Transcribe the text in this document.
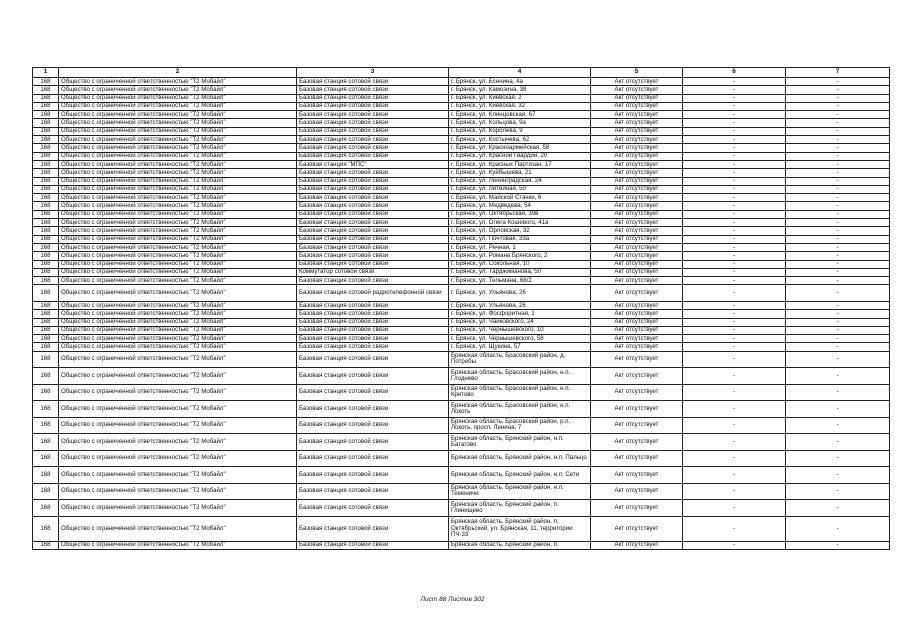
1	2	3	4	5	6	7
168	Общество с ограниченной ответственностью "Т2 Мобайл"	Базовая станция сотовой связи	г. Брянск, ул. Есенина, 4а	Акт отсутствует	-	-
168	Общество с ограниченной ответственностью "Т2 Мобайл"	Базовая станция сотовой связи	г. Брянск, ул. Камозина, 38	Акт отсутствует	-	-
168	Общество с ограниченной ответственностью "Т2 Мобайл"	Базовая станция сотовой связи	г. Брянск, ул. Киевская, 2	Акт отсутствует	-	-
168	Общество с ограниченной ответственностью "Т2 Мобайл"	Базовая станция сотовой связи	г. Брянск, ул. Киевская, 32	Акт отсутствует	-	-
168	Общество с ограниченной ответственностью "Т2 Мобайл"	Базовая станция сотовой связи	г. Брянск, ул. Клинцовская, 67	Акт отсутствует	-	-
168	Общество с ограниченной ответственностью "Т2 Мобайл"	Базовая станция сотовой связи	г. Брянск, ул. Кольцова, 9а	Акт отсутствует	-	-
168	Общество с ограниченной ответственностью "Т2 Мобайл"	Базовая станция сотовой связи	г. Брянск, ул. Королева, 9	Акт отсутствует	-	-
168	Общество с ограниченной ответственностью "Т2 Мобайл"	Базовая станция сотовой связи	г. Брянск, ул. Костычева, 62	Акт отсутствует	-	-
168	Общество с ограниченной ответственностью "Т2 Мобайл"	Базовая станция сотовой связи	г. Брянск, ул. Красноармейская, 58	Акт отсутствует	-	-
168	Общество с ограниченной ответственностью "Т2 Мобайл"	Базовая станция сотовой связи	г. Брянск, ул. Красной Гвардии, 20	Акт отсутствует	-	-
168	Общество с ограниченной ответственностью "Т2 Мобайл"	Базовая станция "МПС"	г. Брянск, ул. Красных Партизан, 17	Акт отсутствует	-	-
168	Общество с ограниченной ответственностью "Т2 Мобайл"	Базовая станция сотовой связи	г. Брянск, ул. Куйбышева, 21	Акт отсутствует	-	-
168	Общество с ограниченной ответственностью "Т2 Мобайл"	Базовая станция сотовой связи	г. Брянск, ул. Ленинградская, 24	Акт отсутствует	-	-
168	Общество с ограниченной ответственностью "Т2 Мобайл"	Базовая станция сотовой связи	г. Брянск, ул. Литейная, 50	Акт отсутствует	-	-
168	Общество с ограниченной ответственностью "Т2 Мобайл"	Базовая станция сотовой связи	г. Брянск, ул. Майской Стачки, 6	Акт отсутствует	-	-
168	Общество с ограниченной ответственностью "Т2 Мобайл"	Базовая станция сотовой связи	г. Брянск, ул. Медведева, 54	Акт отсутствует	-	-
168	Общество с ограниченной ответственностью "Т2 Мобайл"	Базовая станция сотовой связи	г. Брянск, ул. Октябрьская, 39в	Акт отсутствует	-	-
168	Общество с ограниченной ответственностью "Т2 Мобайл"	Базовая станция сотовой связи	г. Брянск, ул. Олега Кошевого, 41а	Акт отсутствует	-	-
168	Общество с ограниченной ответственностью "Т2 Мобайл"	Базовая станция сотовой связи	г. Брянск, ул. Орловская, 32	Акт отсутствует	-	-
168	Общество с ограниченной ответственностью "Т2 Мобайл"	Базовая станция сотовой связи	г. Брянск, ул. Почтовая, 33а	Акт отсутствует	-	-
168	Общество с ограниченной ответственностью "Т2 Мобайл"	Базовая станция сотовой связи	г. Брянск, ул. Речная, 1	Акт отсутствует	-	-
168	Общество с ограниченной ответственностью "Т2 Мобайл"	Базовая станция сотовой связи	г. Брянск, ул. Романа Брянского, 2	Акт отсутствует	-	-
168	Общество с ограниченной ответственностью "Т2 Мобайл"	Базовая станция сотовой связи	г. Брянск, ул. Сокольная, 10	Акт отсутствует	-	-
168	Общество с ограниченной ответственностью "Т2 Мобайл"	Коммутатор сотовой связи	г. Брянск, ул. Тарджимановa, 50	Акт отсутствует	-	-
168	Общество с ограниченной ответственностью "Т2 Мобайл"	Базовая станция сотовой связи	г. Брянск, ул. Тельмана, 68/2	Акт отсутствует	-	-
168	Общество с ограниченной ответственностью "Т2 Мобайл"	Базовая станция сотовой радиотелефонной связи	г. Брянск, ул. Ульянова, 26	Акт отсутствует	-	-
168	Общество с ограниченной ответственностью "Т2 Мобайл"	Базовая станция сотовой связи	г. Брянск, ул. Ульянова, 26	Акт отсутствует	-	-
168	Общество с ограниченной ответственностью "Т2 Мобайл"	Базовая станция сотовой связи	г. Брянск, ул. Фосфоритная, 1	Акт отсутствует	-	-
168	Общество с ограниченной ответственностью "Т2 Мобайл"	Базовая станция сотовой связи	г. Брянск, ул. Чайковского, 24	Акт отсутствует	-	-
168	Общество с ограниченной ответственностью "Т2 Мобайл"	Базовая станция сотовой связи	г. Брянск, ул. Чернышевского, 10	Акт отсутствует	-	-
168	Общество с ограниченной ответственностью "Т2 Мобайл"	Базовая станция сотовой связи	г. Брянск, ул. Чернышевского, 58	Акт отсутствует	-	-
168	Общество с ограниченной ответственностью "Т2 Мобайл"	Базовая станция сотовой связи	г. Брянск, ул. Щукина, 57	Акт отсутствует	-	-
168	Общество с ограниченной ответственностью "Т2 Мобайл"	Базовая станция сотовой связи	Брянская область, Брасовский район, д. Потребы	Акт отсутствует	-	-
168	Общество с ограниченной ответственностью "Т2 Мобайл"	Базовая станция сотовой связи	Брянская область, Брасовский район, н.п. Глоднево	Акт отсутствует	-	-
168	Общество с ограниченной ответственностью "Т2 Мобайл"	Базовая станция сотовой связи	Брянская область, Брасовский район, н.п. Кретово	Акт отсутствует	-	-
168	Общество с ограниченной ответственностью "Т2 Мобайл"	Базовая станция сотовой связи	Брянская область, Брасовский район, н.п. Локоть	Акт отсутствует	-	-
168	Общество с ограниченной ответственностью "Т2 Мобайл"	Базовая станция сотовой связи	Брянская область, Брасовский район, р.п. Локоть, просп. Ленина, 7	Акт отсутствует	-	-
168	Общество с ограниченной ответственностью "Т2 Мобайл"	Базовая станция сотовой связи	Брянская область, Брянский район, н.п. Батагово	Акт отсутствует	-	-
168	Общество с ограниченной ответственностью "Т2 Мобайл"	Базовая станция сотовой связи	Брянская область, Брянский район, н.п. Пальцо	Акт отсутствует	-	-
168	Общество с ограниченной ответственностью "Т2 Мобайл"	Базовая станция сотовой связи	Брянская область, Брянский район, н.п. Сети	Акт отсутствует	-	-
168	Общество с ограниченной ответственностью "Т2 Мобайл"	Базовая станция сотовой связи	Брянская область, Брянский район, н.п. Теменичи	Акт отсутствует	-	-
168	Общество с ограниченной ответственностью "Т2 Мобайл"	Базовая станция сотовой связи	Брянская область, Брянский район, п. Глинищево	Акт отсутствует	-	-
168	Общество с ограниченной ответственностью "Т2 Мобайл"	Базовая станция сотовой связи	Брянская область, Брянский район, п. Октябрьский, ул. Брянская, 11, территории ПЧ-33	Акт отсутствует	-	-
168	Общество с ограниченной ответственностью "Т2 Мобайл"	Базовая станция сотовой связи	Брянская область, Брянский район, п.	Акт отсутствует	-	-
Лист 88 Листов 302
